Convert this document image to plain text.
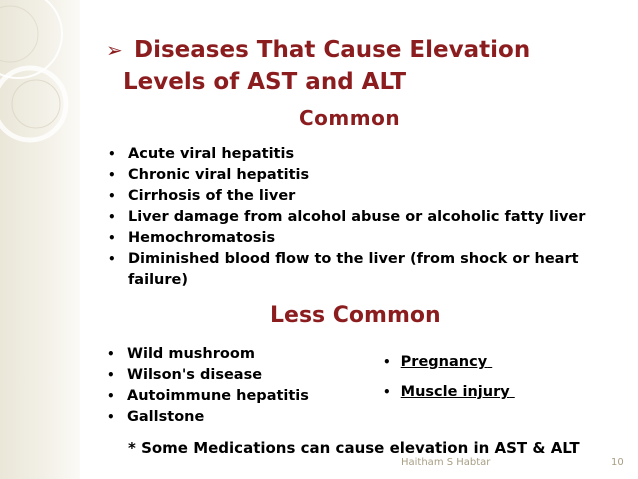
➢ Diseases That Cause Elevation
Levels of AST and ALT
Common
• Acute viral hepatitis
• Chronic viral hepatitis
• Cirrhosis of the liver
• Liver damage from alcohol abuse or alcoholic fatty liver
• Hemochromatosis
• Diminished blood flow to the liver (from shock or heart
failure)
Less Common
• Wild mushroom
• Wilson's disease
• Autoimmune hepatitis
• Gallstone
• Pregnancy
• Muscle injury
* Some Medications can cause elevation in AST & ALT
Haitham S Habtar	10
